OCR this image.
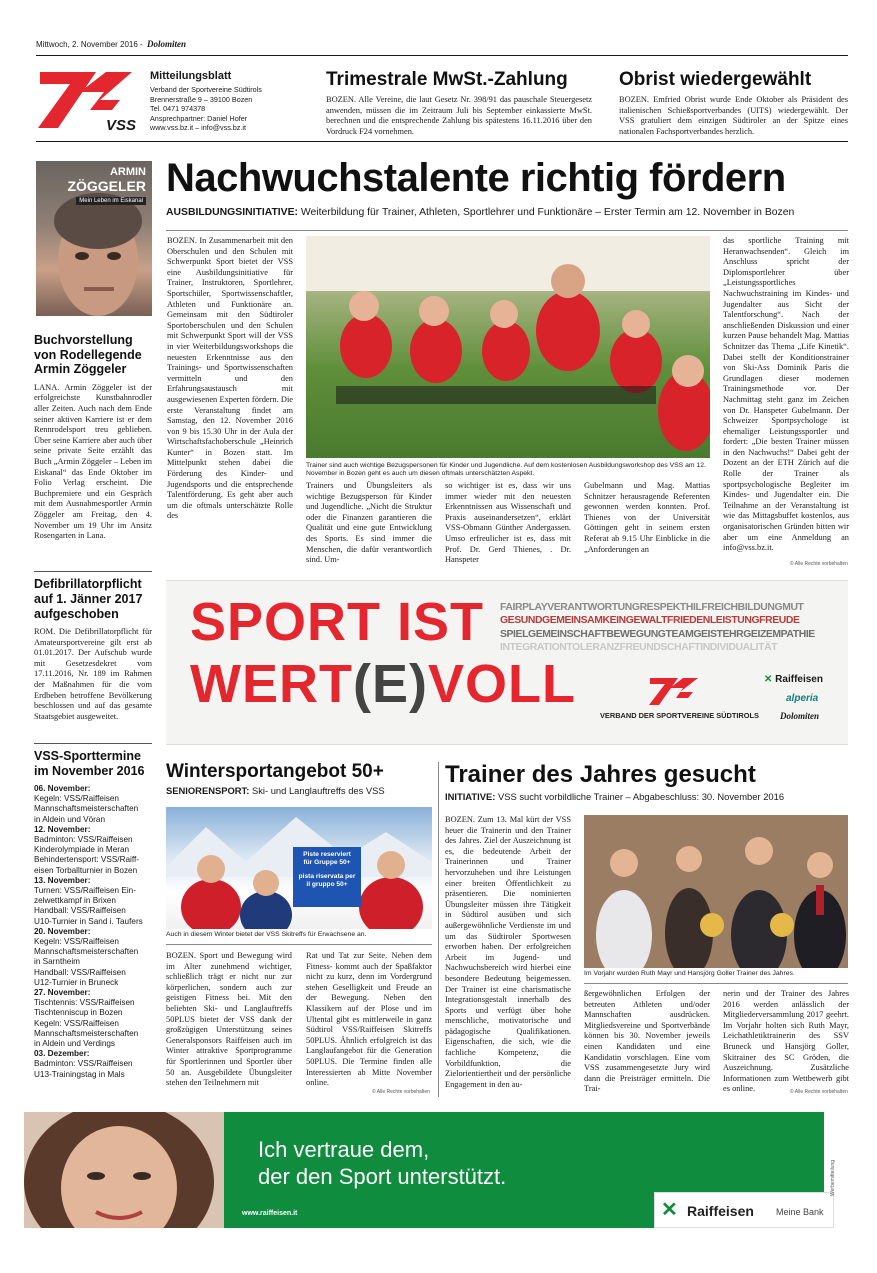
Mittwoch, 2. November 2016 - Dolomiten
VSS
Mitteilungsblatt
Verband der Sportvereine Südtirols
Brennerstraße 9 – 39100 Bozen
Tel. 0471 974378
Ansprechpartner: Daniel Hofer
www.vss.bz.it – info@vss.bz.it
Trimestrale MwSt.-Zahlung
BOZEN. Alle Vereine, die laut Gesetz Nr. 398/91 das pauschale Steuergesetz anwenden, müssen die im Zeitraum Juli bis September einkassierte MwSt. berechnen und die entsprechende Zahlung bis spätestens 16.11.2016 über den Vordruck F24 vornehmen.
Obrist wiedergewählt
BOZEN. Emfried Obrist wurde Ende Oktober als Präsident des italienischen Schießsportverbandes (UITS) wiedergewählt. Der VSS gratuliert dem einzigen Südtiroler an der Spitze eines nationalen Fachsportverbandes herzlich.
ARMIN
ZÖGGELER
Mein Leben im Eiskanal
Buchvorstellung von Rodellegende Armin Zöggeler
LANA. Armin Zöggeler ist der erfolgreichste Kunstbahnrodler aller Zeiten. Auch nach dem Ende seiner aktiven Karriere ist er dem Rennrodelsport treu geblieben. Über seine Karriere aber auch über seine private Seite erzählt das Buch „Armin Zöggeler – Leben im Eiskanal“ das Ende Oktober im Folio Verlag erscheint. Die Buchpremiere und ein Gespräch mit dem Ausnahmesportler Armin Zöggeler am Freitag, den 4. November um 19 Uhr im Ansitz Rosengarten in Lana.
Defibrillatorpflicht auf 1. Jänner 2017 aufgeschoben
ROM. Die Defibrillatorpflicht für Amateursportvereine gilt erst ab 01.01.2017. Der Aufschub wurde mit Gesetzesdekret vom 17.11.2016, Nr. 189 im Rahmen der Maßnahmen für die vom Erdbeben betroffene Bevölkerung beschlossen und auf das gesamte Staatsgebiet ausgeweitet.
VSS-Sporttermine im November 2016
06. November:
Kegeln: VSS/Raiffeisen
Mannschaftsmeisterschaften
in Aldein und Vöran
12. November:
Badminton: VSS/Raiffeisen
Kinderolympiade in Meran
Behindertensport: VSS/Raiff-
eisen Torballturnier in Bozen
13. November:
Turnen: VSS/Raiffeisen Ein-
zelwettkampf in Brixen
Handball: VSS/Raiffeisen
U10-Turnier in Sand i. Taufers
20. November:
Kegeln: VSS/Raiffeisen
Mannschaftsmeisterschaften
in Sarntheim
Handball: VSS/Raiffeisen
U12-Turnier in Bruneck
27. November:
Tischtennis: VSS/Raiffeisen
Tischtenniscup in Bozen
Kegeln: VSS/Raiffeisen
Mannschaftsmeisterschaften
in Aldein und Verdings
03. Dezember:
Badminton: VSS/Raiffeisen
U13-Trainingstag in Mals
Nachwuchstalente richtig fördern
AUSBILDUNGSINITIATIVE: Weiterbildung für Trainer, Athleten, Sportlehrer und Funktionäre – Erster Termin am 12. November in Bozen
BOZEN. In Zusammenarbeit mit den Oberschulen und den Schulen mit Schwerpunkt Sport bietet der VSS eine Ausbildungsinitiative für Trainer, Instruktoren, Sportlehrer, Sportschüler, Sportwissenschaftler, Athleten und Funktionäre an. Gemeinsam mit den Südtiroler Sportoberschulen und den Schulen mit Schwerpunkt Sport will der VSS in vier Weiterbildungsworkshops die neuesten Erkenntnisse aus den Trainings- und Sportwissenschaften vermitteln und den Erfahrungsaustausch mit ausgewiesenen Experten fördern. Die erste Veranstaltung findet am Samstag, den 12. November 2016 von 9 bis 15.30 Uhr in der Aula der Wirtschaftsfachoberschule „Heinrich Kunter“ in Bozen statt. Im Mittelpunkt stehen dabei die Förderung des Kinder- und Jugendsports und die entsprechende Talentförderung. Es geht aber auch um die oftmals unterschätzte Rolle des
Trainer sind auch wichtige Bezugspersonen für Kinder und Jugendliche. Auf dem kostenlosen Ausbildungsworkshop des VSS am 12. November in Bozen geht es auch um diesen oftmals unterschätzten Aspekt.
Trainers und Übungsleiters als wichtige Bezugsperson für Kinder und Jugendliche. „Nicht die Struktur oder die Finanzen garantieren die Qualität und eine gute Entwicklung des Sports. Es sind immer die Menschen, die dafür verantwortlich sind. Um-
so wichtiger ist es, dass wir uns immer wieder mit den neuesten Erkenntnissen aus Wissenschaft und Praxis auseinandersetzen“, erklärt VSS-Obmann Günther Andergassen. Umso erfreulicher ist es, dass mit Prof. Dr. Gerd Thienes, . Dr. Hanspeter
Gubelmann und Mag. Mattias Schnitzer herausragende Referenten gewonnen werden konnten. Prof. Thienes von der Universität Göttingen geht in seinem ersten Referat ab 9.15 Uhr Einblicke in die „Anforderungen an
das sportliche Training mit Heranwachsenden“. Gleich im Anschluss spricht der Diplomsportlehrer über „Leistungssportliches Nachwuchstraining im Kindes- und Jugendalter aus Sicht der Talentforschung“. Nach der anschließenden Diskussion und einer kurzen Pause behandelt Mag. Mattias Schnitzer das Thema „Life Kinetik“. Dabei stellt der Konditionstrainer von Ski-Ass Dominik Paris die Grundlagen dieser modernen Trainingsmethode vor. Der Nachmittag steht ganz im Zeichen von Dr. Hanspeter Gubelmann. Der Schweizer Sportpsychologe ist ehemaliger Leistungssportler und fordert: „Die besten Trainer müssen in den Nachwuchs!“ Dabei geht der Dozent an der ETH Zürich auf die Rolle der Trainer als sportpsychologische Begleiter im Kindes- und Jugendalter ein. Die Teilnahme an der Veranstaltung ist wie das Mittagsbuffet kostenlos, aus organisatorischen Gründen bitten wir aber um eine Anmeldung an info@vss.bz.it.
© Alle Rechte vorbehalten
SPORT IST
WERT(E)VOLL
FAIRPLAYVERANTWORTUNGRESPEKTHILFREICHBILDUNGMUT
GESUNDGEMEINSAMKEINGEWALTFRIEDENLEISTUNGFREUDE
SPIELGEMEINSCHAFTBEWEGUNGTEAMGEISTEHRGEIZEMPATHIE
INTEGRATIONTOLERANZFREUNDSCHAFTINDIVIDUALITÄT
VERBAND DER SPORTVEREINE SÜDTIROLS
✕ Raiffeisen
alperia
Dolomiten
Wintersportangebot 50+
SENIORENSPORT: Ski- und Langlauftreffs des VSS
Piste reserviert
für Gruppe 50+
pista riservata per
il gruppo 50+
Auch in diesem Winter bietet der VSS Skitreffs für Erwachsene an.
BOZEN. Sport und Bewegung wird im Alter zunehmend wichtiger, schließlich trägt er nicht nur zur körperlichen, sondern auch zur geistigen Fitness bei. Mit den beliebten Ski- und Langlauftreffs 50PLUS bietet der VSS dank der großzügigen Unterstützung seines Generalsponsors Raiffeisen auch im Winter attraktive Sportprogramme für Sportlerinnen und Sportler über 50 an. Ausgebildete Übungsleiter stehen den Teilnehmern mit
Rat und Tat zur Seite. Neben dem Fitness- kommt auch der Spaßfaktor nicht zu kurz, denn im Vordergrund stehen Geselligkeit und Freude an der Bewegung. Neben den Klassikern auf der Plose und im Ultental gibt es mittlerweile in ganz Südtirol VSS/Raiffeisen Skitreffs 50PLUS. Ähnlich erfolgreich ist das Langlaufangebot für die Generation 50PLUS. Die Termine finden alle Interessierten ab Mitte November online.
© Alle Rechte vorbehalten
Trainer des Jahres gesucht
INITIATIVE: VSS sucht vorbildliche Trainer – Abgabeschluss: 30. November 2016
BOZEN. Zum 13. Mal kürt der VSS heuer die Trainerin und den Trainer des Jahres. Ziel der Auszeichnung ist es, die bedeutende Arbeit der Trainerinnen und Trainer hervorzuheben und ihre Leistungen einer breiten Öffentlichkeit zu präsentieren. Die nominierten Übungsleiter müssen ihre Tätigkeit in Südtirol ausüben und sich außergewöhnliche Verdienste im und um das Südtiroler Sportwesen erworben haben. Der erfolgreichen Arbeit im Jugend- und Nachwuchsbereich wird hierbei eine besondere Bedeutung beigemessen. Der Trainer ist eine charismatische Integrationsgestalt innerhalb des Sports und verfügt über hohe menschliche, motivatorische und pädagogische Qualifikationen. Eigenschaften, die sich, wie die fachliche Kompetenz, die Vorbildfunktion, die Zielorientiertheit und der persönliche Engagement in den au-
Im Vorjahr wurden Ruth Mayr und Hansjörg Goller Trainer des Jahres.
ßergewöhnlichen Erfolgen der betreuten Athleten und/oder Mannschaften ausdrücken. Mitgliedsvereine und Sportverbände können bis 30. November jeweils einen Kandidaten und eine Kandidatin vorschlagen. Eine vom VSS zusammengesetzte Jury wird dann die Preisträger ermitteln. Die Trai-
nerin und der Trainer des Jahres 2016 werden anlässlich der Mitgliederversammlung 2017 geehrt. Im Vorjahr holten sich Ruth Mayr, Leichathletiktrainerin des SSV Bruneck und Hansjörg Goller, Skitrainer des SC Gröden, die Auszeichnung. Zusätzliche Informationen zum Wettbewerb gibt es online.	© Alle Rechte vorbehalten
Ich vertraue dem,
der den Sport unterstützt.
www.raiffeisen.it	✕ Raiffeisen Meine Bank
Werbemitteilung
